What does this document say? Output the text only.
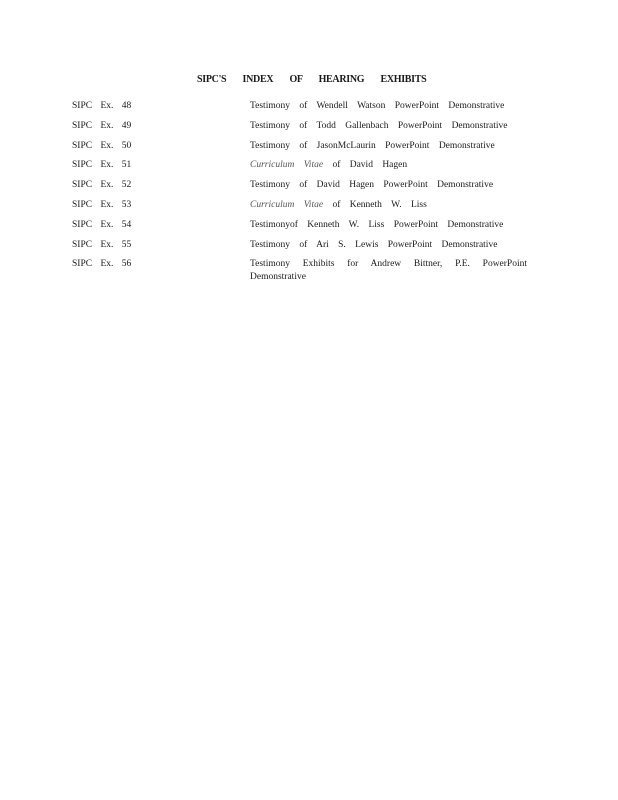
SIPC'S INDEX OF HEARING EXHIBITS
SIPC Ex. 48	Testimony of Wendell Watson PowerPoint Demonstrative
SIPC Ex. 49	Testimony of Todd Gallenbach PowerPoint Demonstrative
SIPC Ex. 50	Testimony of JasonMcLaurin PowerPoint Demonstrative
SIPC Ex. 51	Curriculum Vitae of David Hagen
SIPC Ex. 52	Testimony of David Hagen PowerPoint Demonstrative
SIPC Ex. 53	Curriculum Vitae of Kenneth W. Liss
SIPC Ex. 54	Testimonyof Kenneth W. Liss PowerPoint Demonstrative
SIPC Ex. 55	Testimony of Ari S. Lewis PowerPoint Demonstrative
SIPC Ex. 56	Testimony Exhibits for Andrew Bittner, P.E. PowerPoint Demonstrative
